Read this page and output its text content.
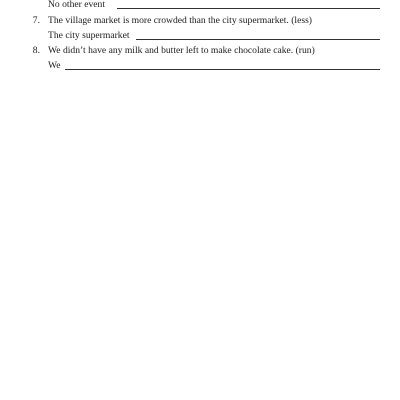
No other event
7. The village market is more crowded than the city supermarket. (less)
The city supermarket
8. We didn’t have any milk and butter left to make chocolate cake. (run)
We
